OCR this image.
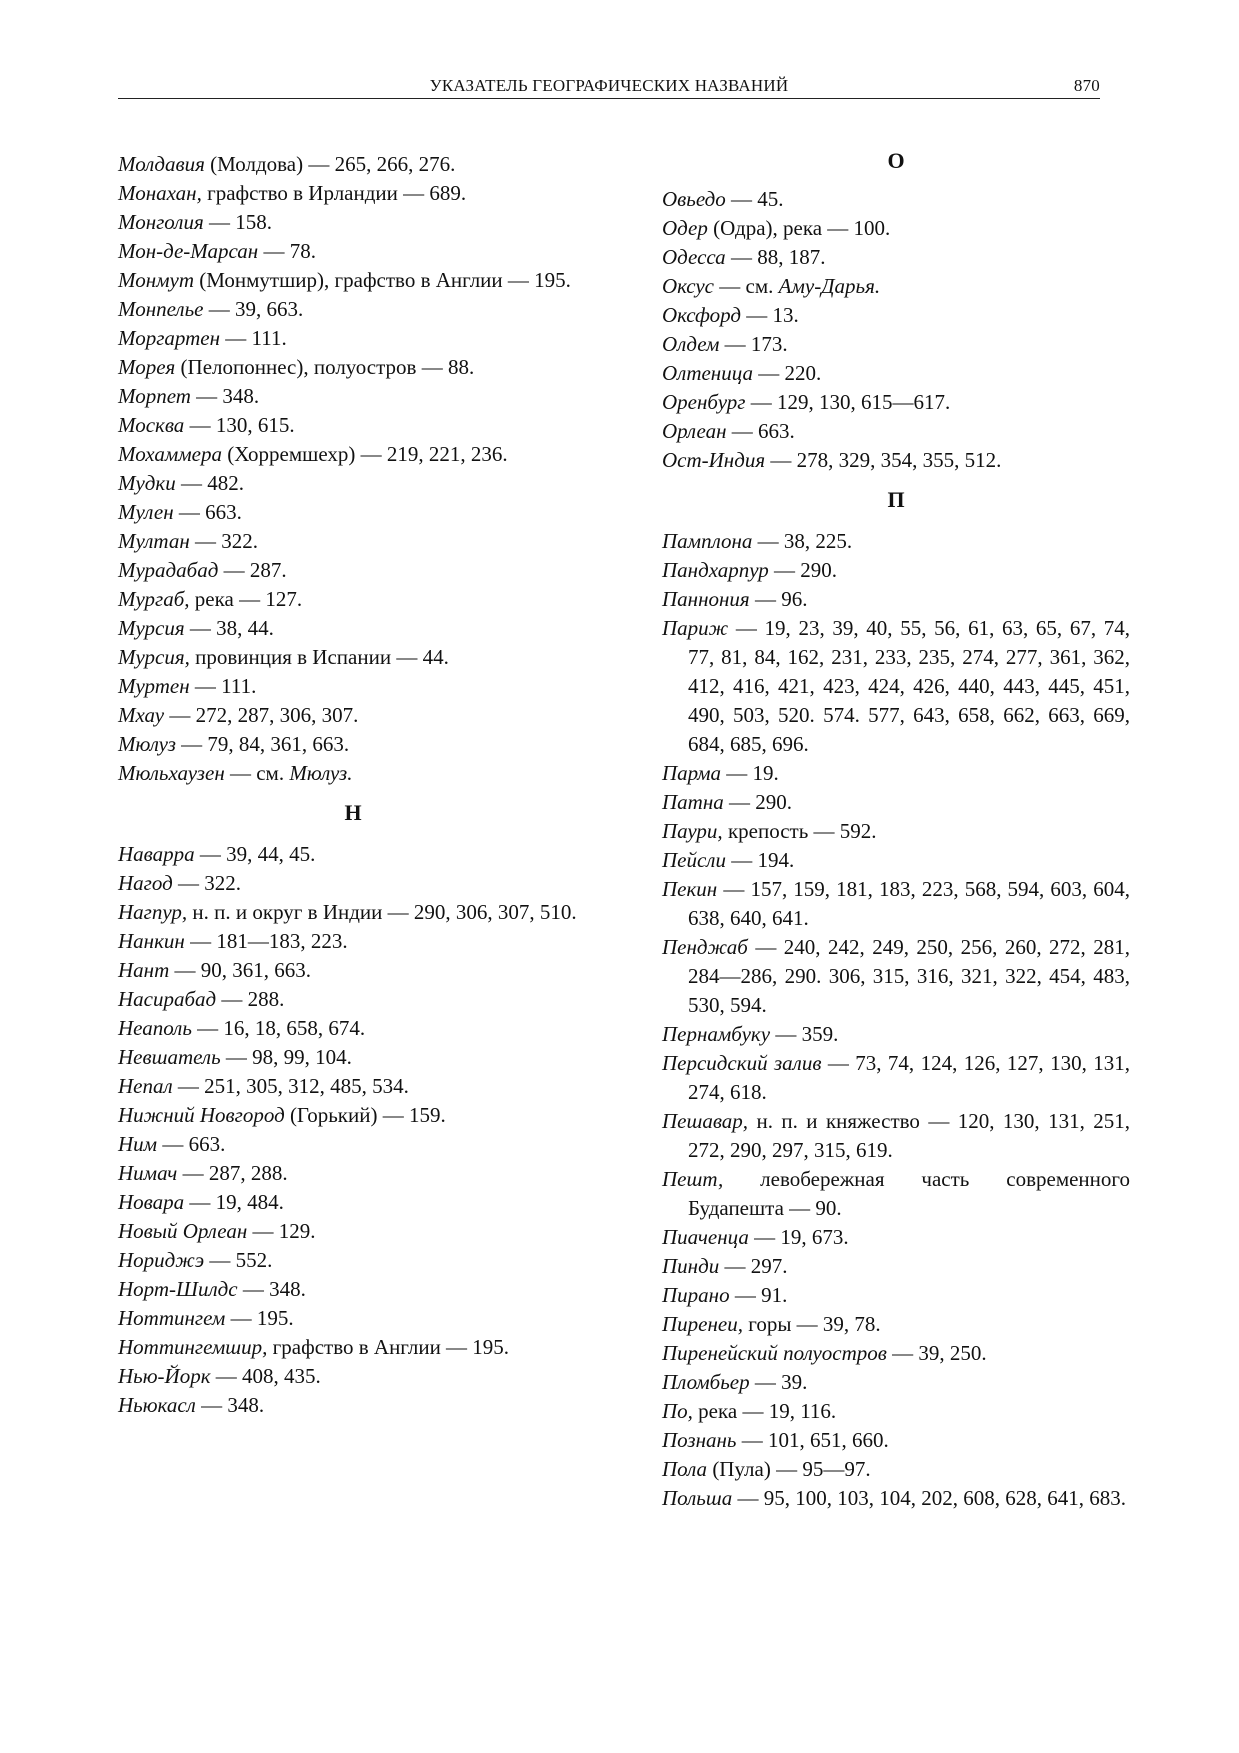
УКАЗАТЕЛЬ ГЕОГРАФИЧЕСКИХ НАЗВАНИЙ	870
Молдавия (Молдова) — 265, 266, 276.
Монахан, графство в Ирландии — 689.
Монголия — 158.
Мон-де-Марсан — 78.
Монмут (Монмутшир), графство в Англии — 195.
Монпелье — 39, 663.
Моргартен — 111.
Морея (Пелопоннес), полуостров — 88.
Морпет — 348.
Москва — 130, 615.
Мохаммера (Хорремшехр) — 219, 221, 236.
Мудки — 482.
Мулен — 663.
Мултан — 322.
Мурадабад — 287.
Мургаб, река — 127.
Мурсия — 38, 44.
Мурсия, провинция в Испании — 44.
Муртен — 111.
Мхау — 272, 287, 306, 307.
Мюлуз — 79, 84, 361, 663.
Мюльхаузен — см. Мюлуз.
Н
Наварра — 39, 44, 45.
Нагод — 322.
Нагпур, н. п. и округ в Индии — 290, 306, 307, 510.
Нанкин — 181—183, 223.
Нант — 90, 361, 663.
Насирабад — 288.
Неаполь — 16, 18, 658, 674.
Невшатель — 98, 99, 104.
Непал — 251, 305, 312, 485, 534.
Нижний Новгород (Горький) — 159.
Ним — 663.
Нимач — 287, 288.
Новара — 19, 484.
Новый Орлеан — 129.
Нориджэ — 552.
Норт-Шилдс — 348.
Ноттингем — 195.
Ноттингемшир, графство в Англии — 195.
Нью-Йорк — 408, 435.
Ньюкасл — 348.
О
Овьедо — 45.
Одер (Одра), река — 100.
Одесса — 88, 187.
Оксус — см. Аму-Дарья.
Оксфорд — 13.
Олдем — 173.
Олтеница — 220.
Оренбург — 129, 130, 615—617.
Орлеан — 663.
Ост-Индия — 278, 329, 354, 355, 512.
П
Памплона — 38, 225.
Пандхарпур — 290.
Паннония — 96.
Париж — 19, 23, 39, 40, 55, 56, 61, 63, 65, 67, 74, 77, 81, 84, 162, 231, 233, 235, 274, 277, 361, 362, 412, 416, 421, 423, 424, 426, 440, 443, 445, 451, 490, 503, 520. 574. 577, 643, 658, 662, 663, 669, 684, 685, 696.
Парма — 19.
Патна — 290.
Паури, крепость — 592.
Пейсли — 194.
Пекин — 157, 159, 181, 183, 223, 568, 594, 603, 604, 638, 640, 641.
Пенджаб — 240, 242, 249, 250, 256, 260, 272, 281, 284—286, 290. 306, 315, 316, 321, 322, 454, 483, 530, 594.
Пернамбуку — 359.
Персидский залив — 73, 74, 124, 126, 127, 130, 131, 274, 618.
Пешавар, н. п. и княжество — 120, 130, 131, 251, 272, 290, 297, 315, 619.
Пешт, левобережная часть современного Будапешта — 90.
Пиаченца — 19, 673.
Пинди — 297.
Пирано — 91.
Пиренеи, горы — 39, 78.
Пиренейский полуостров — 39, 250.
Пломбьер — 39.
По, река — 19, 116.
Познань — 101, 651, 660.
Пола (Пула) — 95—97.
Польша — 95, 100, 103, 104, 202, 608, 628, 641, 683.
